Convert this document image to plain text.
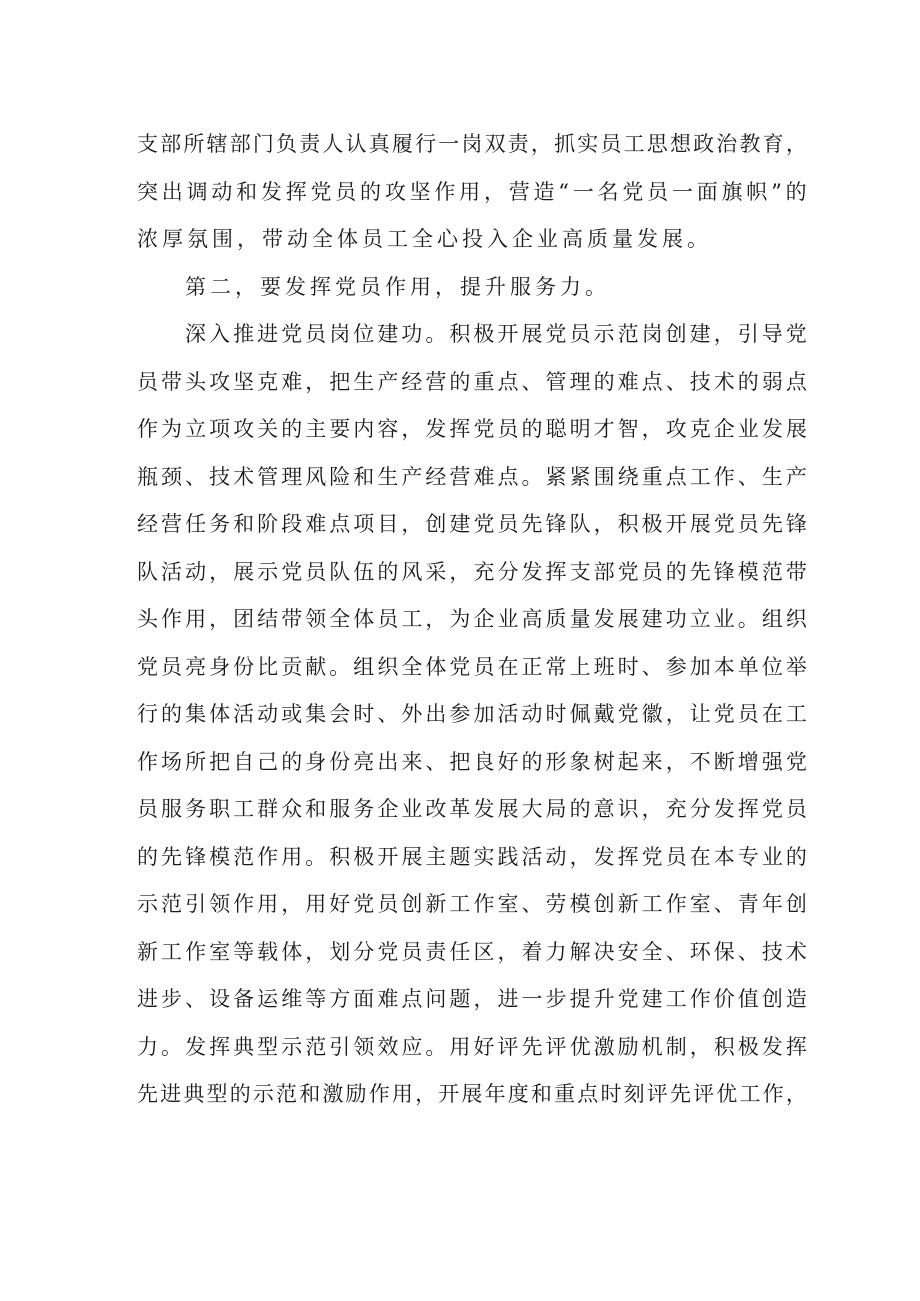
支 部 所 辖 部 门 负 责 人 认 真 履 行 一 岗 双 责 ， 抓 实 员 工 思 想 政 治 教 育 ，
突 出 调 动 和 发 挥 党 员 的 攻 坚 作 用 ， 营 造 “ 一 名 党 员 一 面 旗 帜 ” 的
浓 厚 氛 围 ， 带 动 全 体 员 工 全 心 投 入 企 业 高 质 量 发 展 。
第 二 ， 要 发 挥 党 员 作 用 ， 提 升 服 务 力 。
深 入 推 进 党 员 岗 位 建 功 。 积 极 开 展 党 员 示 范 岗 创 建 ， 引 导 党
员 带 头 攻 坚 克 难 ， 把 生 产 经 营 的 重 点 、 管 理 的 难 点 、 技 术 的 弱 点
作 为 立 项 攻 关 的 主 要 内 容 ， 发 挥 党 员 的 聪 明 才 智 ， 攻 克 企 业 发 展
瓶 颈 、 技 术 管 理 风 险 和 生 产 经 营 难 点 。 紧 紧 围 绕 重 点 工 作 、 生 产
经 营 任 务 和 阶 段 难 点 项 目 ， 创 建 党 员 先 锋 队 ， 积 极 开 展 党 员 先 锋
队 活 动 ， 展 示 党 员 队 伍 的 风 采 ， 充 分 发 挥 支 部 党 员 的 先 锋 模 范 带
头 作 用 ， 团 结 带 领 全 体 员 工 ， 为 企 业 高 质 量 发 展 建 功 立 业 。 组 织
党 员 亮 身 份 比 贡 献 。 组 织 全 体 党 员 在 正 常 上 班 时 、 参 加 本 单 位 举
行 的 集 体 活 动 或 集 会 时 、 外 出 参 加 活 动 时 佩 戴 党 徽 ， 让 党 员 在 工
作 场 所 把 自 己 的 身 份 亮 出 来 、 把 良 好 的 形 象 树 起 来 ， 不 断 增 强 党
员 服 务 职 工 群 众 和 服 务 企 业 改 革 发 展 大 局 的 意 识 ， 充 分 发 挥 党 员
的 先 锋 模 范 作 用 。 积 极 开 展 主 题 实 践 活 动 ， 发 挥 党 员 在 本 专 业 的
示 范 引 领 作 用 ， 用 好 党 员 创 新 工 作 室 、 劳 模 创 新 工 作 室 、 青 年 创
新 工 作 室 等 载 体 ， 划 分 党 员 责 任 区 ， 着 力 解 决 安 全 、 环 保 、 技 术
进 步 、 设 备 运 维 等 方 面 难 点 问 题 ， 进 一 步 提 升 党 建 工 作 价 值 创 造
力 。 发 挥 典 型 示 范 引 领 效 应 。 用 好 评 先 评 优 激 励 机 制 ， 积 极 发 挥
先 进 典 型 的 示 范 和 激 励 作 用 ， 开 展 年 度 和 重 点 时 刻 评 先 评 优 工 作 ，
